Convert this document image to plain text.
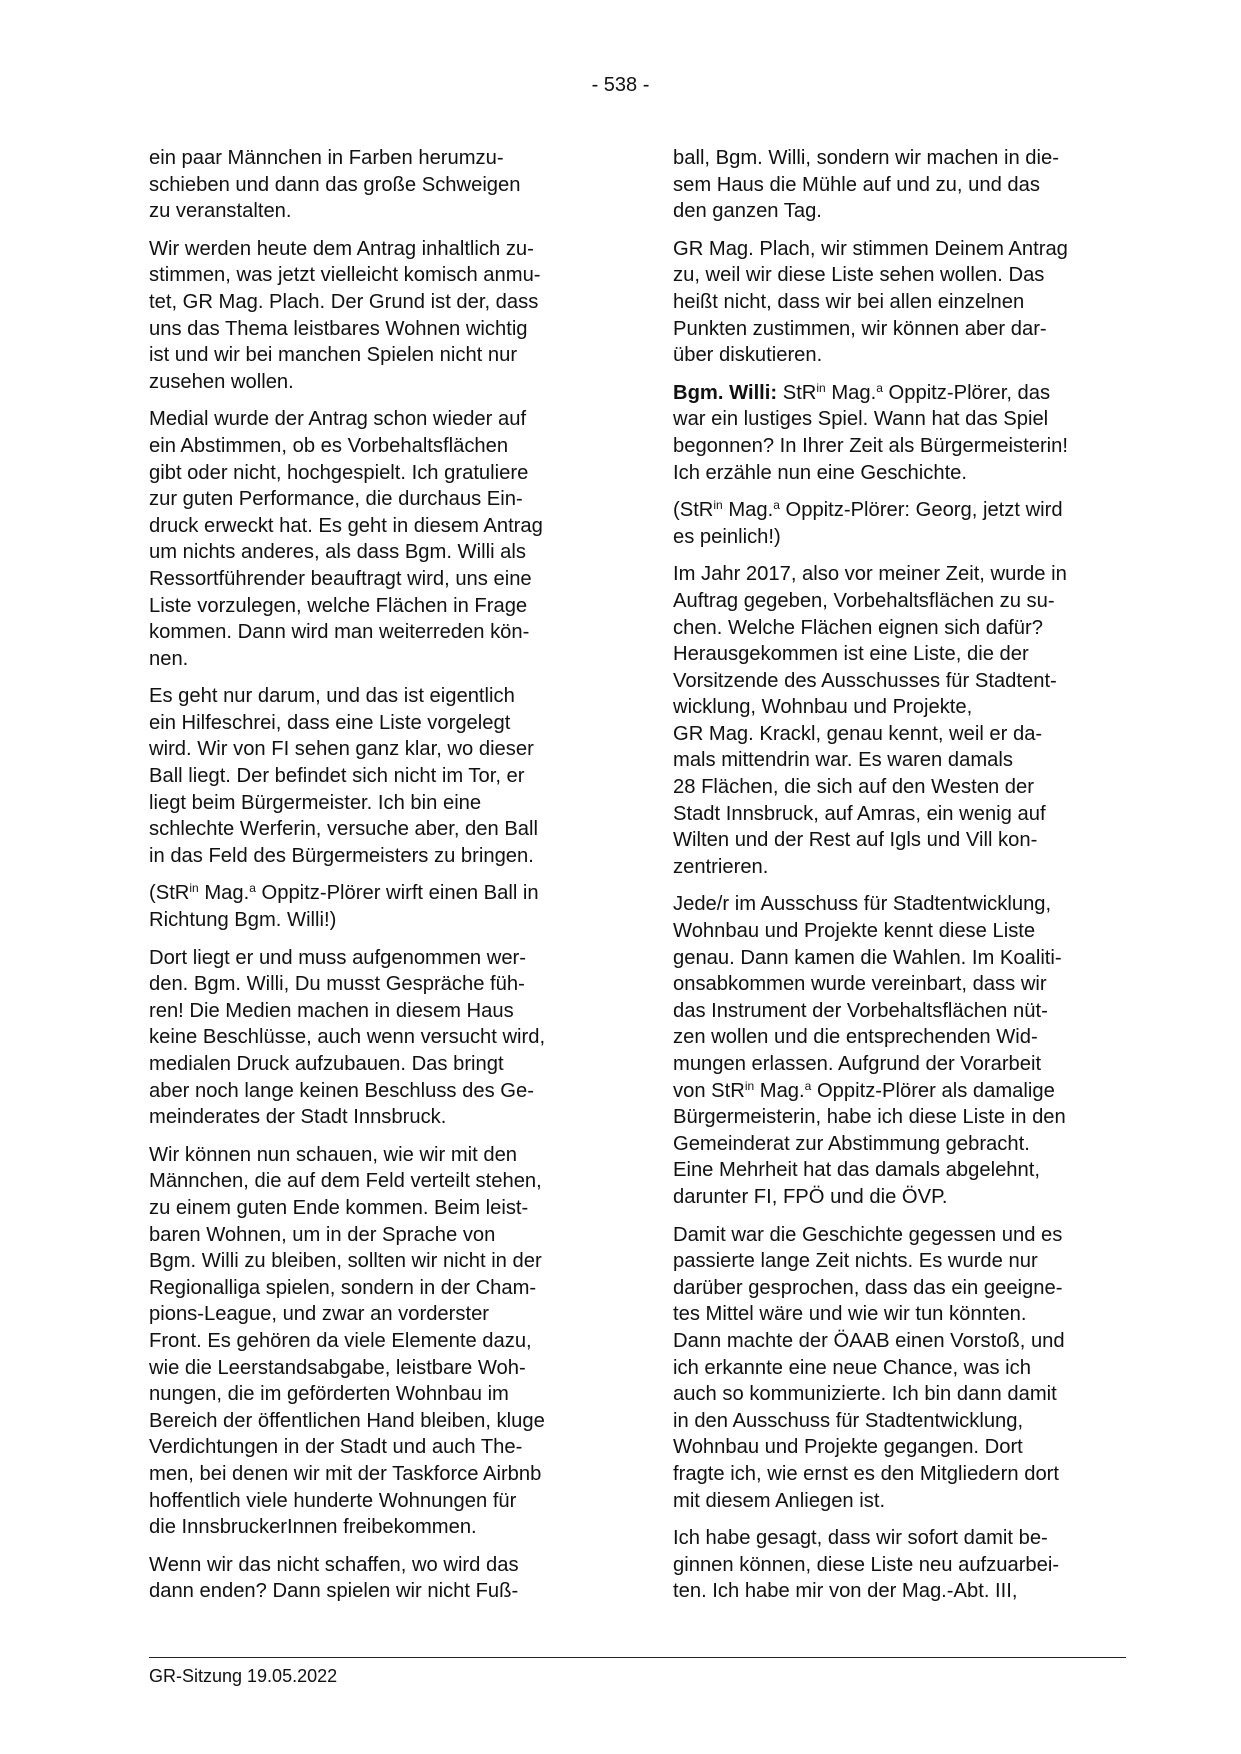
- 538 -

ein paar Männchen in Farben herumzu-
schieben und dann das große Schweigen
zu veranstalten.

Wir werden heute dem Antrag inhaltlich zu-
stimmen, was jetzt vielleicht komisch anmu-
tet, GR Mag. Plach. Der Grund ist der, dass
uns das Thema leistbares Wohnen wichtig
ist und wir bei manchen Spielen nicht nur
zusehen wollen.

Medial wurde der Antrag schon wieder auf
ein Abstimmen, ob es Vorbehaltsflächen
gibt oder nicht, hochgespielt. Ich gratuliere
zur guten Performance, die durchaus Ein-
druck erweckt hat. Es geht in diesem Antrag
um nichts anderes, als dass Bgm. Willi als
Ressortführender beauftragt wird, uns eine
Liste vorzulegen, welche Flächen in Frage
kommen. Dann wird man weiterreden kön-
nen.

Es geht nur darum, und das ist eigentlich
ein Hilfeschrei, dass eine Liste vorgelegt
wird. Wir von FI sehen ganz klar, wo dieser
Ball liegt. Der befindet sich nicht im Tor, er
liegt beim Bürgermeister. Ich bin eine
schlechte Werferin, versuche aber, den Ball
in das Feld des Bürgermeisters zu bringen.

(StR$^{in}$ Mag.$^a$ Oppitz-Plörer wirft einen Ball in
Richtung Bgm. Willi!)

Dort liegt er und muss aufgenommen wer-
den. Bgm. Willi, Du musst Gespräche füh-
ren! Die Medien machen in diesem Haus
keine Beschlüsse, auch wenn versucht wird,
medialen Druck aufzubauen. Das bringt
aber noch lange keinen Beschluss des Ge-
meinderates der Stadt Innsbruck.

Wir können nun schauen, wie wir mit den
Männchen, die auf dem Feld verteilt stehen,
zu einem guten Ende kommen. Beim leist-
baren Wohnen, um in der Sprache von
Bgm. Willi zu bleiben, sollten wir nicht in der
Regionalliga spielen, sondern in der Cham-
pions-League, und zwar an vorderster
Front. Es gehören da viele Elemente dazu,
wie die Leerstandsabgabe, leistbare Woh-
nungen, die im geförderten Wohnbau im
Bereich der öffentlichen Hand bleiben, kluge
Verdichtungen in der Stadt und auch The-
men, bei denen wir mit der Taskforce Airbnb
hoffentlich viele hunderte Wohnungen für
die InnsbruckerInnen freibekommen.

Wenn wir das nicht schaffen, wo wird das
dann enden? Dann spielen wir nicht Fuß-

ball, Bgm. Willi, sondern wir machen in die-
sem Haus die Mühle auf und zu, und das
den ganzen Tag.

GR Mag. Plach, wir stimmen Deinem Antrag
zu, weil wir diese Liste sehen wollen. Das
heißt nicht, dass wir bei allen einzelnen
Punkten zustimmen, wir können aber dar-
über diskutieren.

Bgm. Willi: StR$^{in}$ Mag.$^a$ Oppitz-Plörer, das
war ein lustiges Spiel. Wann hat das Spiel
begonnen? In Ihrer Zeit als Bürgermeisterin!
Ich erzähle nun eine Geschichte.

(StR$^{in}$ Mag.$^a$ Oppitz-Plörer: Georg, jetzt wird
es peinlich!)

Im Jahr 2017, also vor meiner Zeit, wurde in
Auftrag gegeben, Vorbehaltsflächen zu su-
chen. Welche Flächen eignen sich dafür?
Herausgekommen ist eine Liste, die der
Vorsitzende des Ausschusses für Stadtent-
wicklung, Wohnbau und Projekte,
GR Mag. Krackl, genau kennt, weil er da-
mals mittendrin war. Es waren damals
28 Flächen, die sich auf den Westen der
Stadt Innsbruck, auf Amras, ein wenig auf
Wilten und der Rest auf Igls und Vill kon-
zentrieren.

Jede/r im Ausschuss für Stadtentwicklung,
Wohnbau und Projekte kennt diese Liste
genau. Dann kamen die Wahlen. Im Koaliti-
onsabkommen wurde vereinbart, dass wir
das Instrument der Vorbehaltsflächen nüt-
zen wollen und die entsprechenden Wid-
mungen erlassen. Aufgrund der Vorarbeit
von StR$^{in}$ Mag.$^a$ Oppitz-Plörer als damalige
Bürgermeisterin, habe ich diese Liste in den
Gemeinderat zur Abstimmung gebracht.
Eine Mehrheit hat das damals abgelehnt,
darunter FI, FPÖ und die ÖVP.

Damit war die Geschichte gegessen und es
passierte lange Zeit nichts. Es wurde nur
darüber gesprochen, dass das ein geeigne-
tes Mittel wäre und wie wir tun könnten.
Dann machte der ÖAAB einen Vorstoß, und
ich erkannte eine neue Chance, was ich
auch so kommunizierte. Ich bin dann damit
in den Ausschuss für Stadtentwicklung,
Wohnbau und Projekte gegangen. Dort
fragte ich, wie ernst es den Mitgliedern dort
mit diesem Anliegen ist.

Ich habe gesagt, dass wir sofort damit be-
ginnen können, diese Liste neu aufzuarbei-
ten. Ich habe mir von der Mag.-Abt. III,

GR-Sitzung 19.05.2022
